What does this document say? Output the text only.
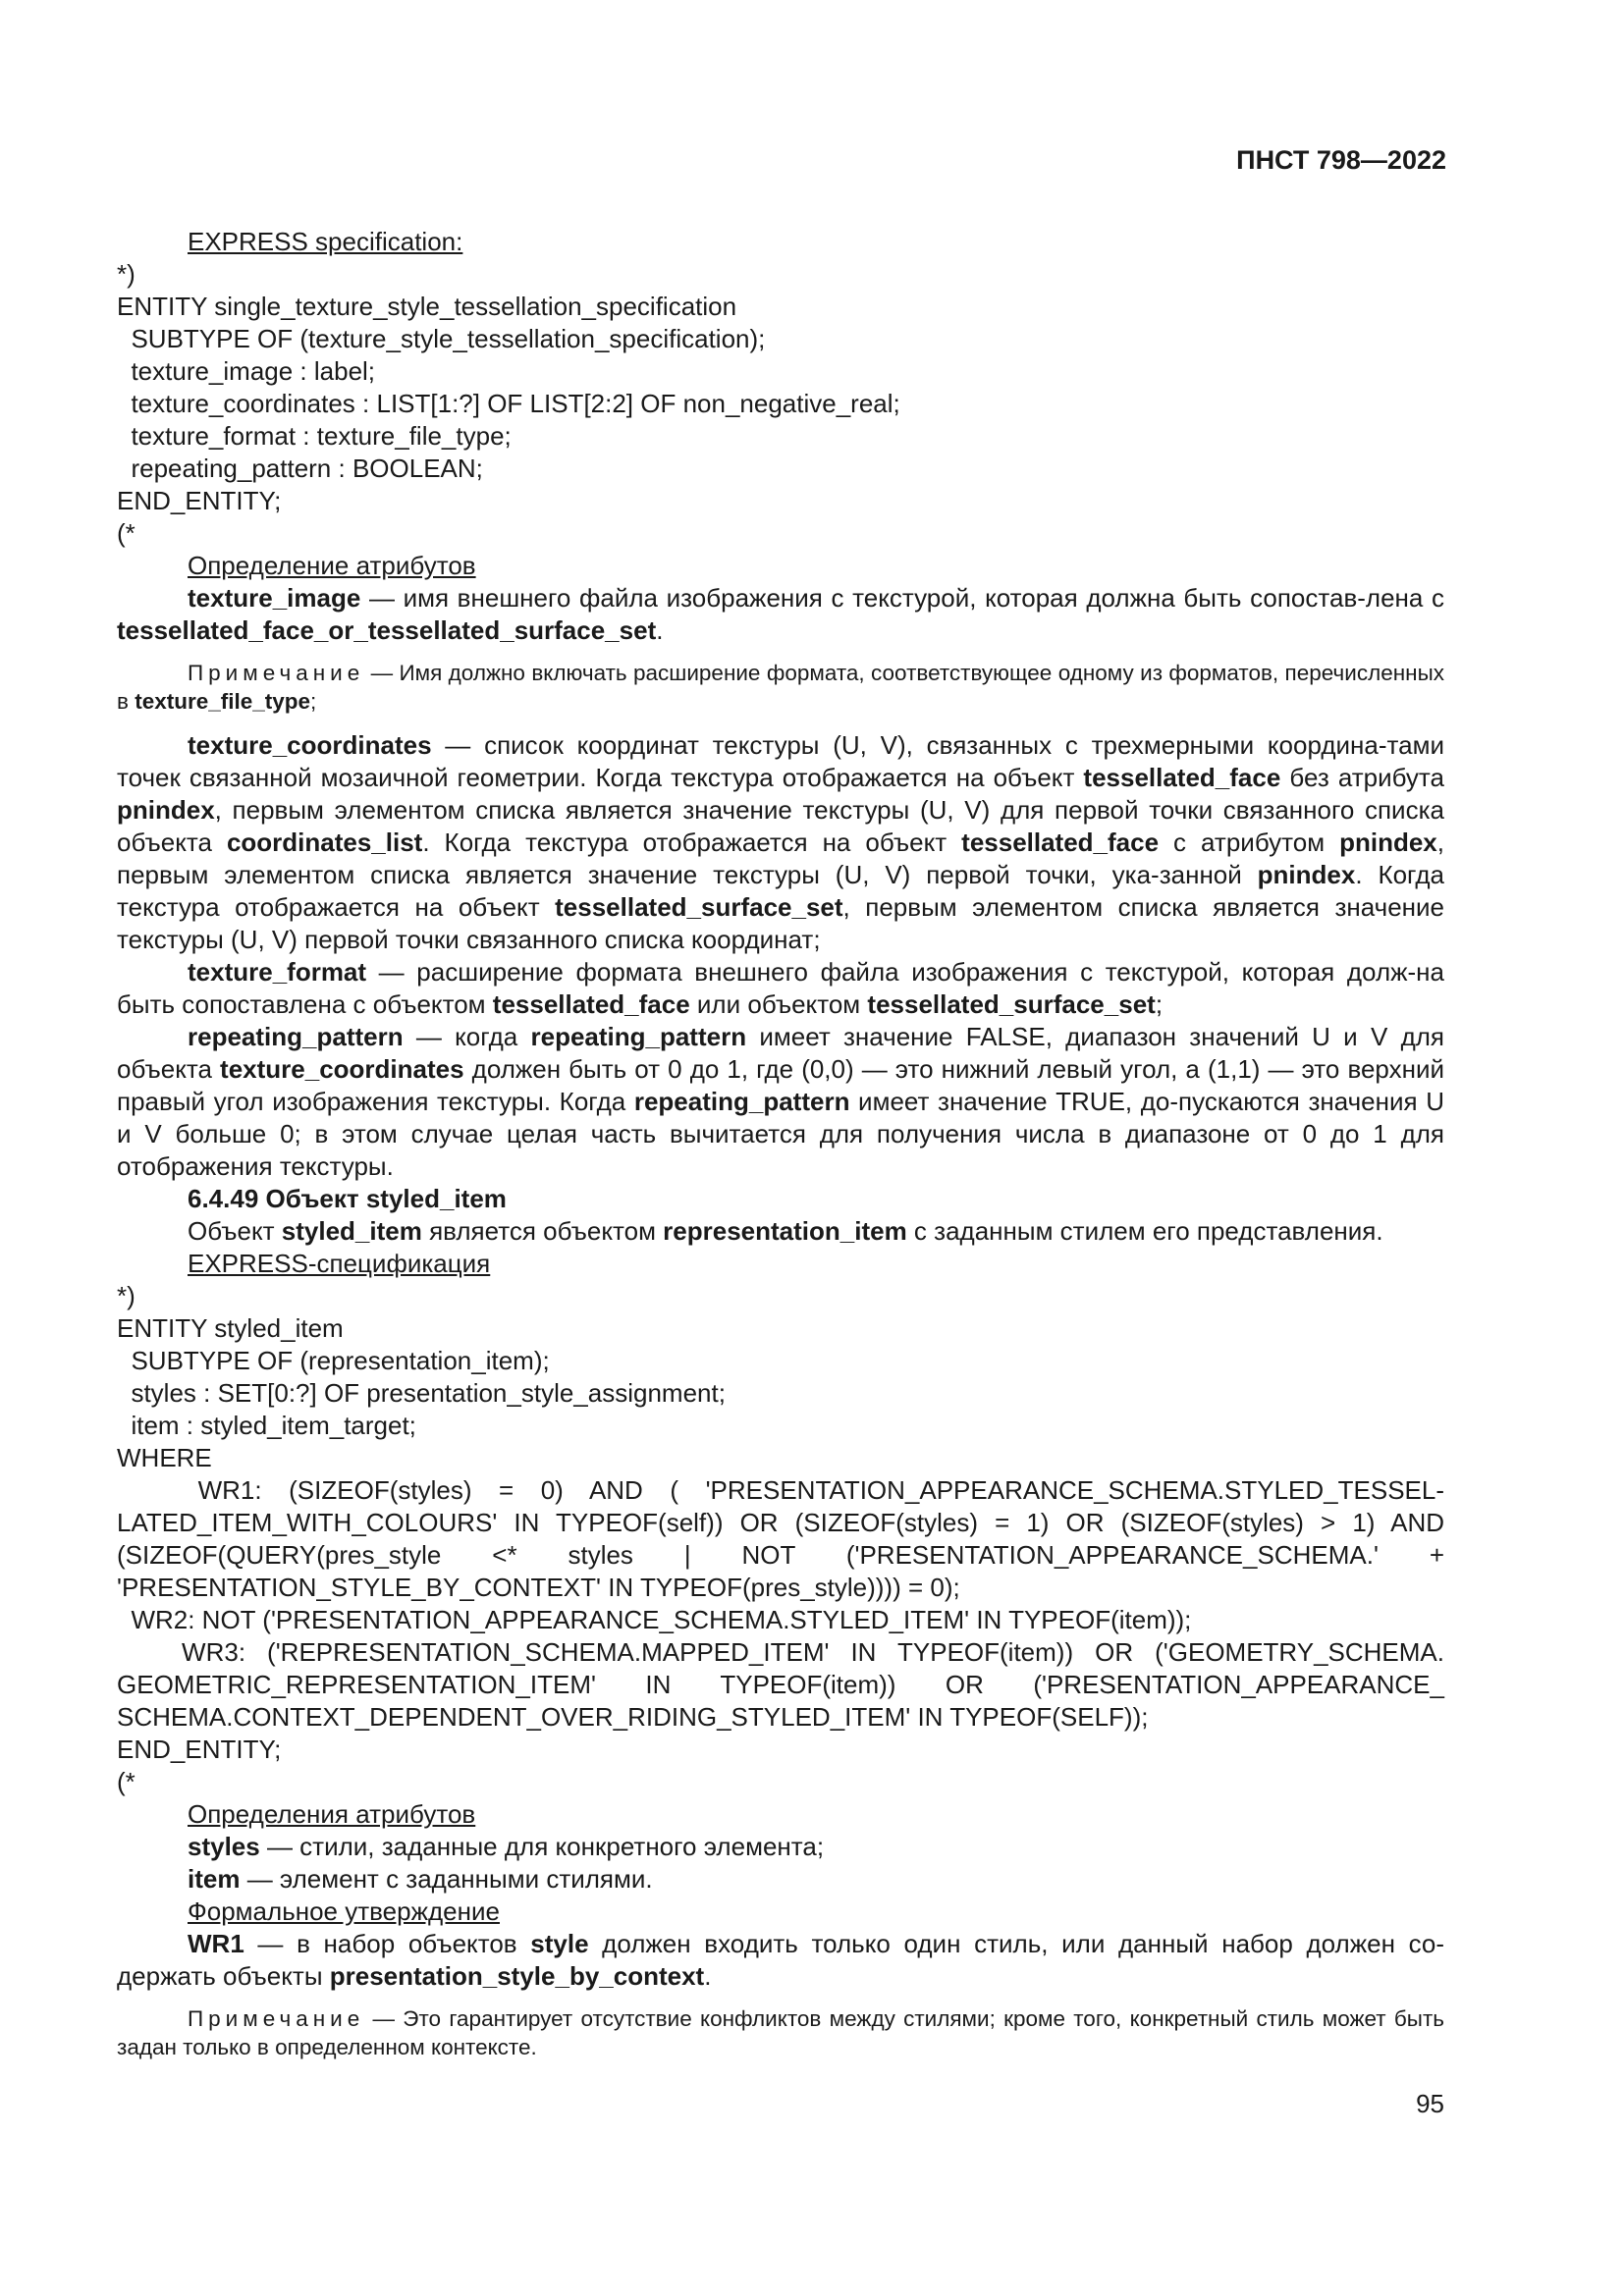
ПНСТ 798—2022

EXPRESS specification:

*)
ENTITY single_texture_style_tessellation_specification
SUBTYPE OF (texture_style_tessellation_specification);
texture_image : label;
texture_coordinates : LIST[1:?] OF LIST[2:2] OF non_negative_real;
texture_format : texture_file_type;
repeating_pattern : BOOLEAN;
END_ENTITY;
(*

Определение атрибутов

texture_image — имя внешнего файла изображения с текстурой, которая должна быть сопостав-лена с tessellated_face_or_tessellated_surface_set.

Примечание — Имя должно включать расширение формата, соответствующее одному из форматов, перечисленных в texture_file_type;

texture_coordinates — список координат текстуры (U, V), связанных с трехмерными координа-тами точек связанной мозаичной геометрии. Когда текстура отображается на объект tessellated_face без атрибута pnindex, первым элементом списка является значение текстуры (U, V) для первой точки связанного списка объекта coordinates_list. Когда текстура отображается на объект tessellated_face с атрибутом pnindex, первым элементом списка является значение текстуры (U, V) первой точки, ука-занной pnindex. Когда текстура отображается на объект tessellated_surface_set, первым элементом списка является значение текстуры (U, V) первой точки связанного списка координат;

texture_format — расширение формата внешнего файла изображения с текстурой, которая долж-на быть сопоставлена с объектом tessellated_face или объектом tessellated_surface_set;

repeating_pattern — когда repeating_pattern имеет значение FALSE, диапазон значений U и V для объекта texture_coordinates должен быть от 0 до 1, где (0,0) — это нижний левый угол, а (1,1) — это верхний правый угол изображения текстуры. Когда repeating_pattern имеет значение TRUE, до-пускаются значения U и V больше 0; в этом случае целая часть вычитается для получения числа в диапазоне от 0 до 1 для отображения текстуры.

6.4.49 Объект styled_item

Объект styled_item является объектом representation_item с заданным стилем его представления.

EXPRESS-спецификация

*)
ENTITY styled_item
SUBTYPE OF (representation_item);
styles : SET[0:?] OF presentation_style_assignment;
item : styled_item_target;
WHERE

WR1: (SIZEOF(styles) = 0) AND ( 'PRESENTATION_APPEARANCE_SCHEMA.STYLED_TESSEL-LATED_ITEM_WITH_COLOURS' IN TYPEOF(self)) OR (SIZEOF(styles) = 1) OR (SIZEOF(styles) > 1) AND (SIZEOF(QUERY(pres_style <* styles | NOT ('PRESENTATION_APPEARANCE_SCHEMA.' + 'PRESENTATION_STYLE_BY_CONTEXT' IN TYPEOF(pres_style)))) = 0);

WR2: NOT ('PRESENTATION_APPEARANCE_SCHEMA.STYLED_ITEM' IN TYPEOF(item));

WR3: ('REPRESENTATION_SCHEMA.MAPPED_ITEM' IN TYPEOF(item)) OR ('GEOMETRY_SCHEMA. GEOMETRIC_REPRESENTATION_ITEM' IN TYPEOF(item)) OR ('PRESENTATION_APPEARANCE_ SCHEMA.CONTEXT_DEPENDENT_OVER_RIDING_STYLED_ITEM' IN TYPEOF(SELF));

END_ENTITY;
(*

Определения атрибутов

styles — стили, заданные для конкретного элемента;

item — элемент с заданными стилями.

Формальное утверждение

WR1 — в набор объектов style должен входить только один стиль, или данный набор должен со-держать объекты presentation_style_by_context.

Примечание — Это гарантирует отсутствие конфликтов между стилями; кроме того, конкретный стиль может быть задан только в определенном контексте.

95
